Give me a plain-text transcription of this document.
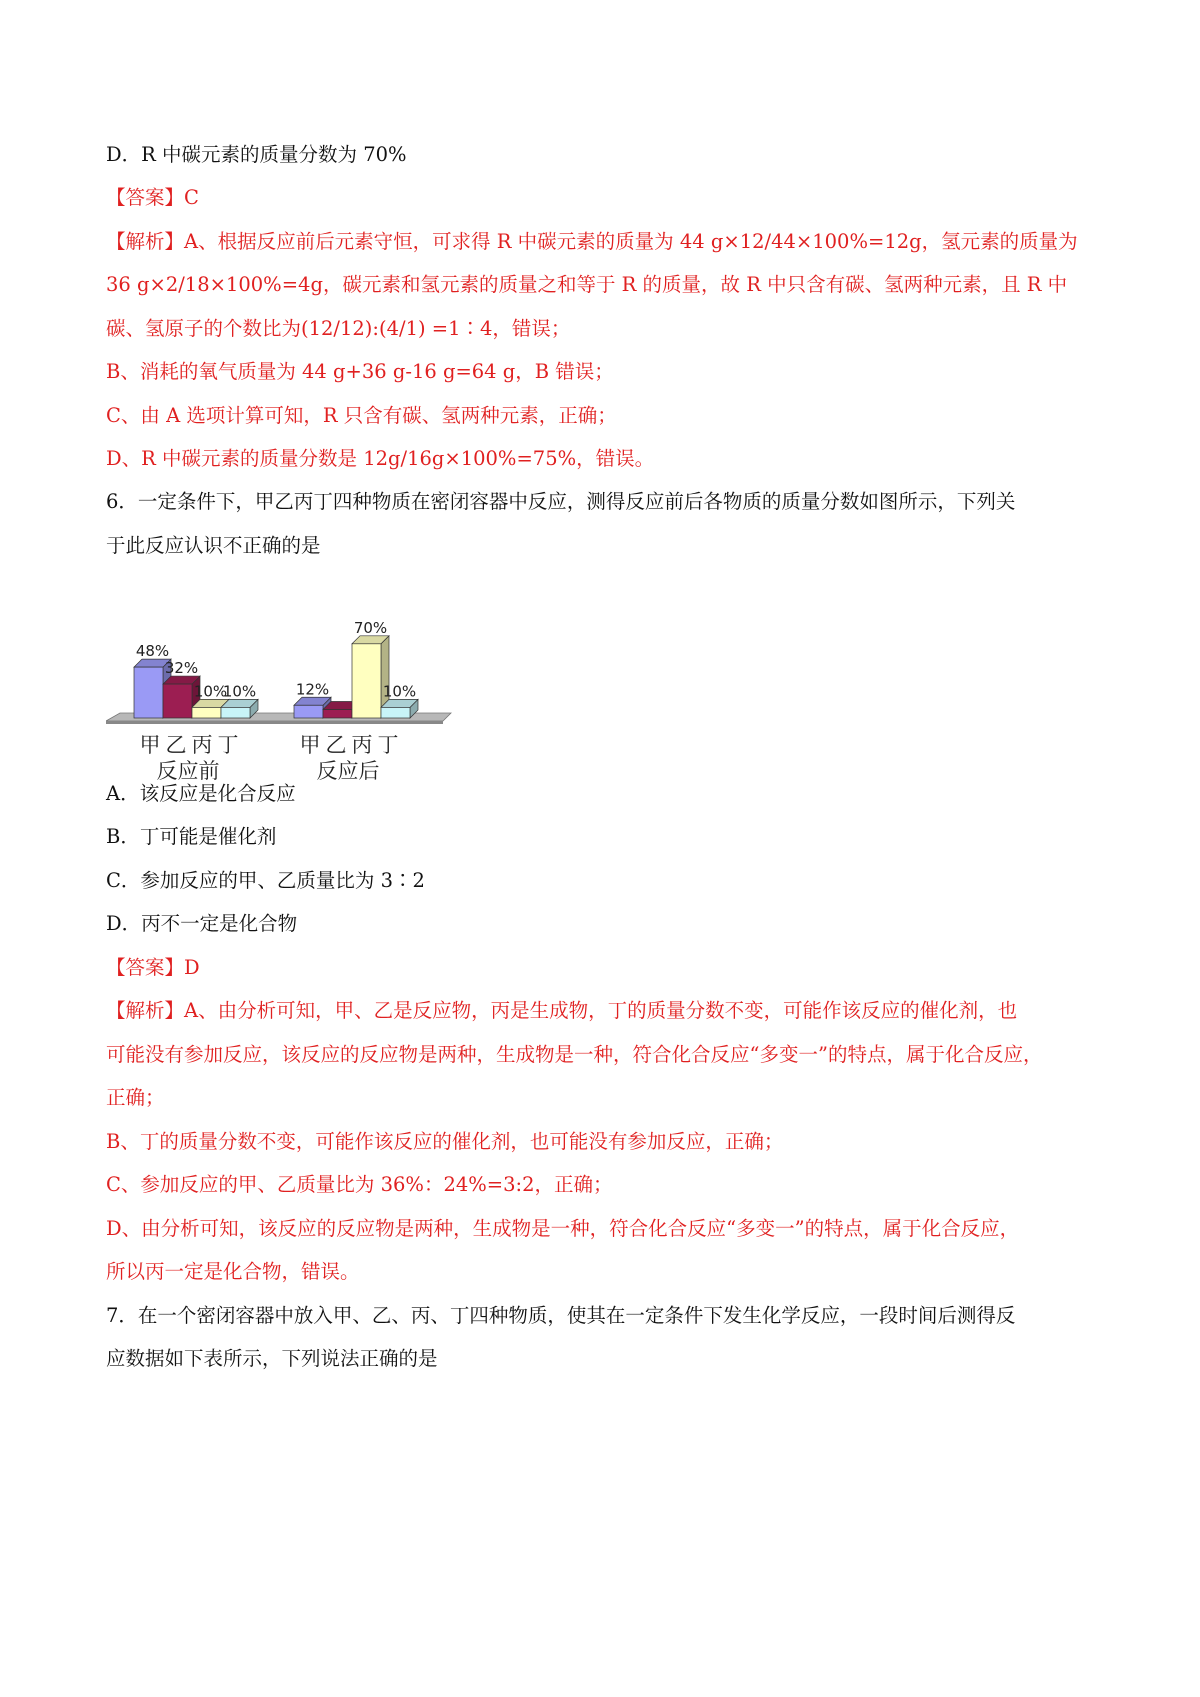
D．R 中碳元素的质量分数为 70%
【答案】C
【解析】A、根据反应前后元素守恒，可求得 R 中碳元素的质量为 44 g×12/44×100%=12g，氢元素的质量为
36 g×2/18×100%=4g，碳元素和氢元素的质量之和等于 R 的质量，故 R 中只含有碳、氢两种元素，且 R 中
碳、氢原子的个数比为(12/12):(4/1) =1∶4，错误；
B、消耗的氧气质量为 44 g+36 g-16 g=64 g，B 错误；
C、由 A 选项计算可知，R 只含有碳、氢两种元素，正确；
D、R 中碳元素的质量分数是 12g/16g×100%=75%，错误。
6．一定条件下，甲乙丙丁四种物质在密闭容器中反应，测得反应前后各物质的质量分数如图所示，下列关
于此反应认识不正确的是
48%
32%
10%
10%
甲 乙 丙 丁
反应前
12%
70%
10%
甲 乙 丙 丁
反应后
A．该反应是化合反应
B．丁可能是催化剂
C．参加反应的甲、乙质量比为 3∶2
D．丙不一定是化合物
【答案】D
【解析】A、由分析可知，甲、乙是反应物，丙是生成物，丁的质量分数不变，可能作该反应的催化剂，也
可能没有参加反应，该反应的反应物是两种，生成物是一种，符合化合反应“多变一”的特点，属于化合反应，
正确；
B、丁的质量分数不变，可能作该反应的催化剂，也可能没有参加反应，正确；
C、参加反应的甲、乙质量比为 36%：24%=3:2，正确；
D、由分析可知，该反应的反应物是两种，生成物是一种，符合化合反应“多变一”的特点，属于化合反应，
所以丙一定是化合物，错误。
7．在一个密闭容器中放入甲、乙、丙、丁四种物质，使其在一定条件下发生化学反应，一段时间后测得反
应数据如下表所示，下列说法正确的是
